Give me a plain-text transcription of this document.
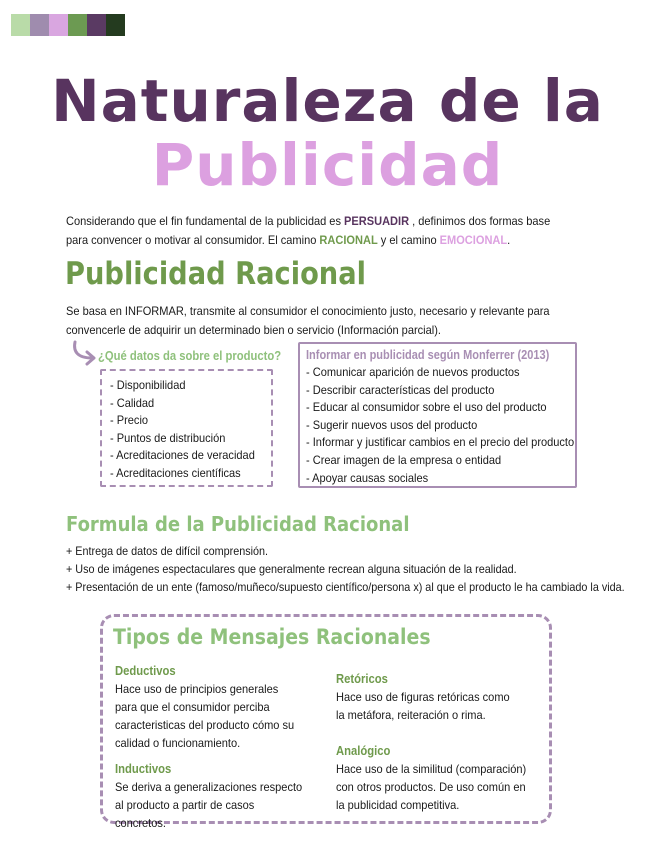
Naturaleza de la
Publicidad
Considerando que el fin fundamental de la publicidad es PERSUADIR , definimos dos formas base para convencer o motivar al consumidor. El camino RACIONAL y el camino EMOCIONAL.
Publicidad Racional
Se basa en INFORMAR, transmite al consumidor el conocimiento justo, necesario y relevante para convencerle de adquirir un determinado bien o servicio (Información parcial).
¿Qué datos da sobre el producto?
- Disponibilidad
- Calidad
- Precio
- Puntos de distribución
- Acreditaciones de veracidad
- Acreditaciones científicas
Informar en publicidad según Monferrer (2013)
- Comunicar aparición de nuevos productos
- Describir características del producto
- Educar al consumidor sobre el uso del producto
- Sugerir nuevos usos del producto
- Informar y justificar cambios en el precio del producto
- Crear imagen de la empresa o entidad
- Apoyar causas sociales
Formula de la Publicidad Racional
+ Entrega de datos de difícil comprensión.
+ Uso de imágenes espectaculares que generalmente recrean alguna situación de la realidad.
+ Presentación de un ente (famoso/muñeco/supuesto científico/persona x) al que el producto le ha cambiado la vida.
Tipos de Mensajes Racionales
Deductivos
Hace uso de principios generales para que el consumidor perciba caracteristicas del producto cómo su calidad o funcionamiento.
Inductivos
Se deriva a generalizaciones respecto al producto a partir de casos concretos.
Retóricos
Hace uso de figuras retóricas como la metáfora, reiteración o rima.
Analógico
Hace uso de la similitud (comparación) con otros productos. De uso común en la publicidad competitiva.
